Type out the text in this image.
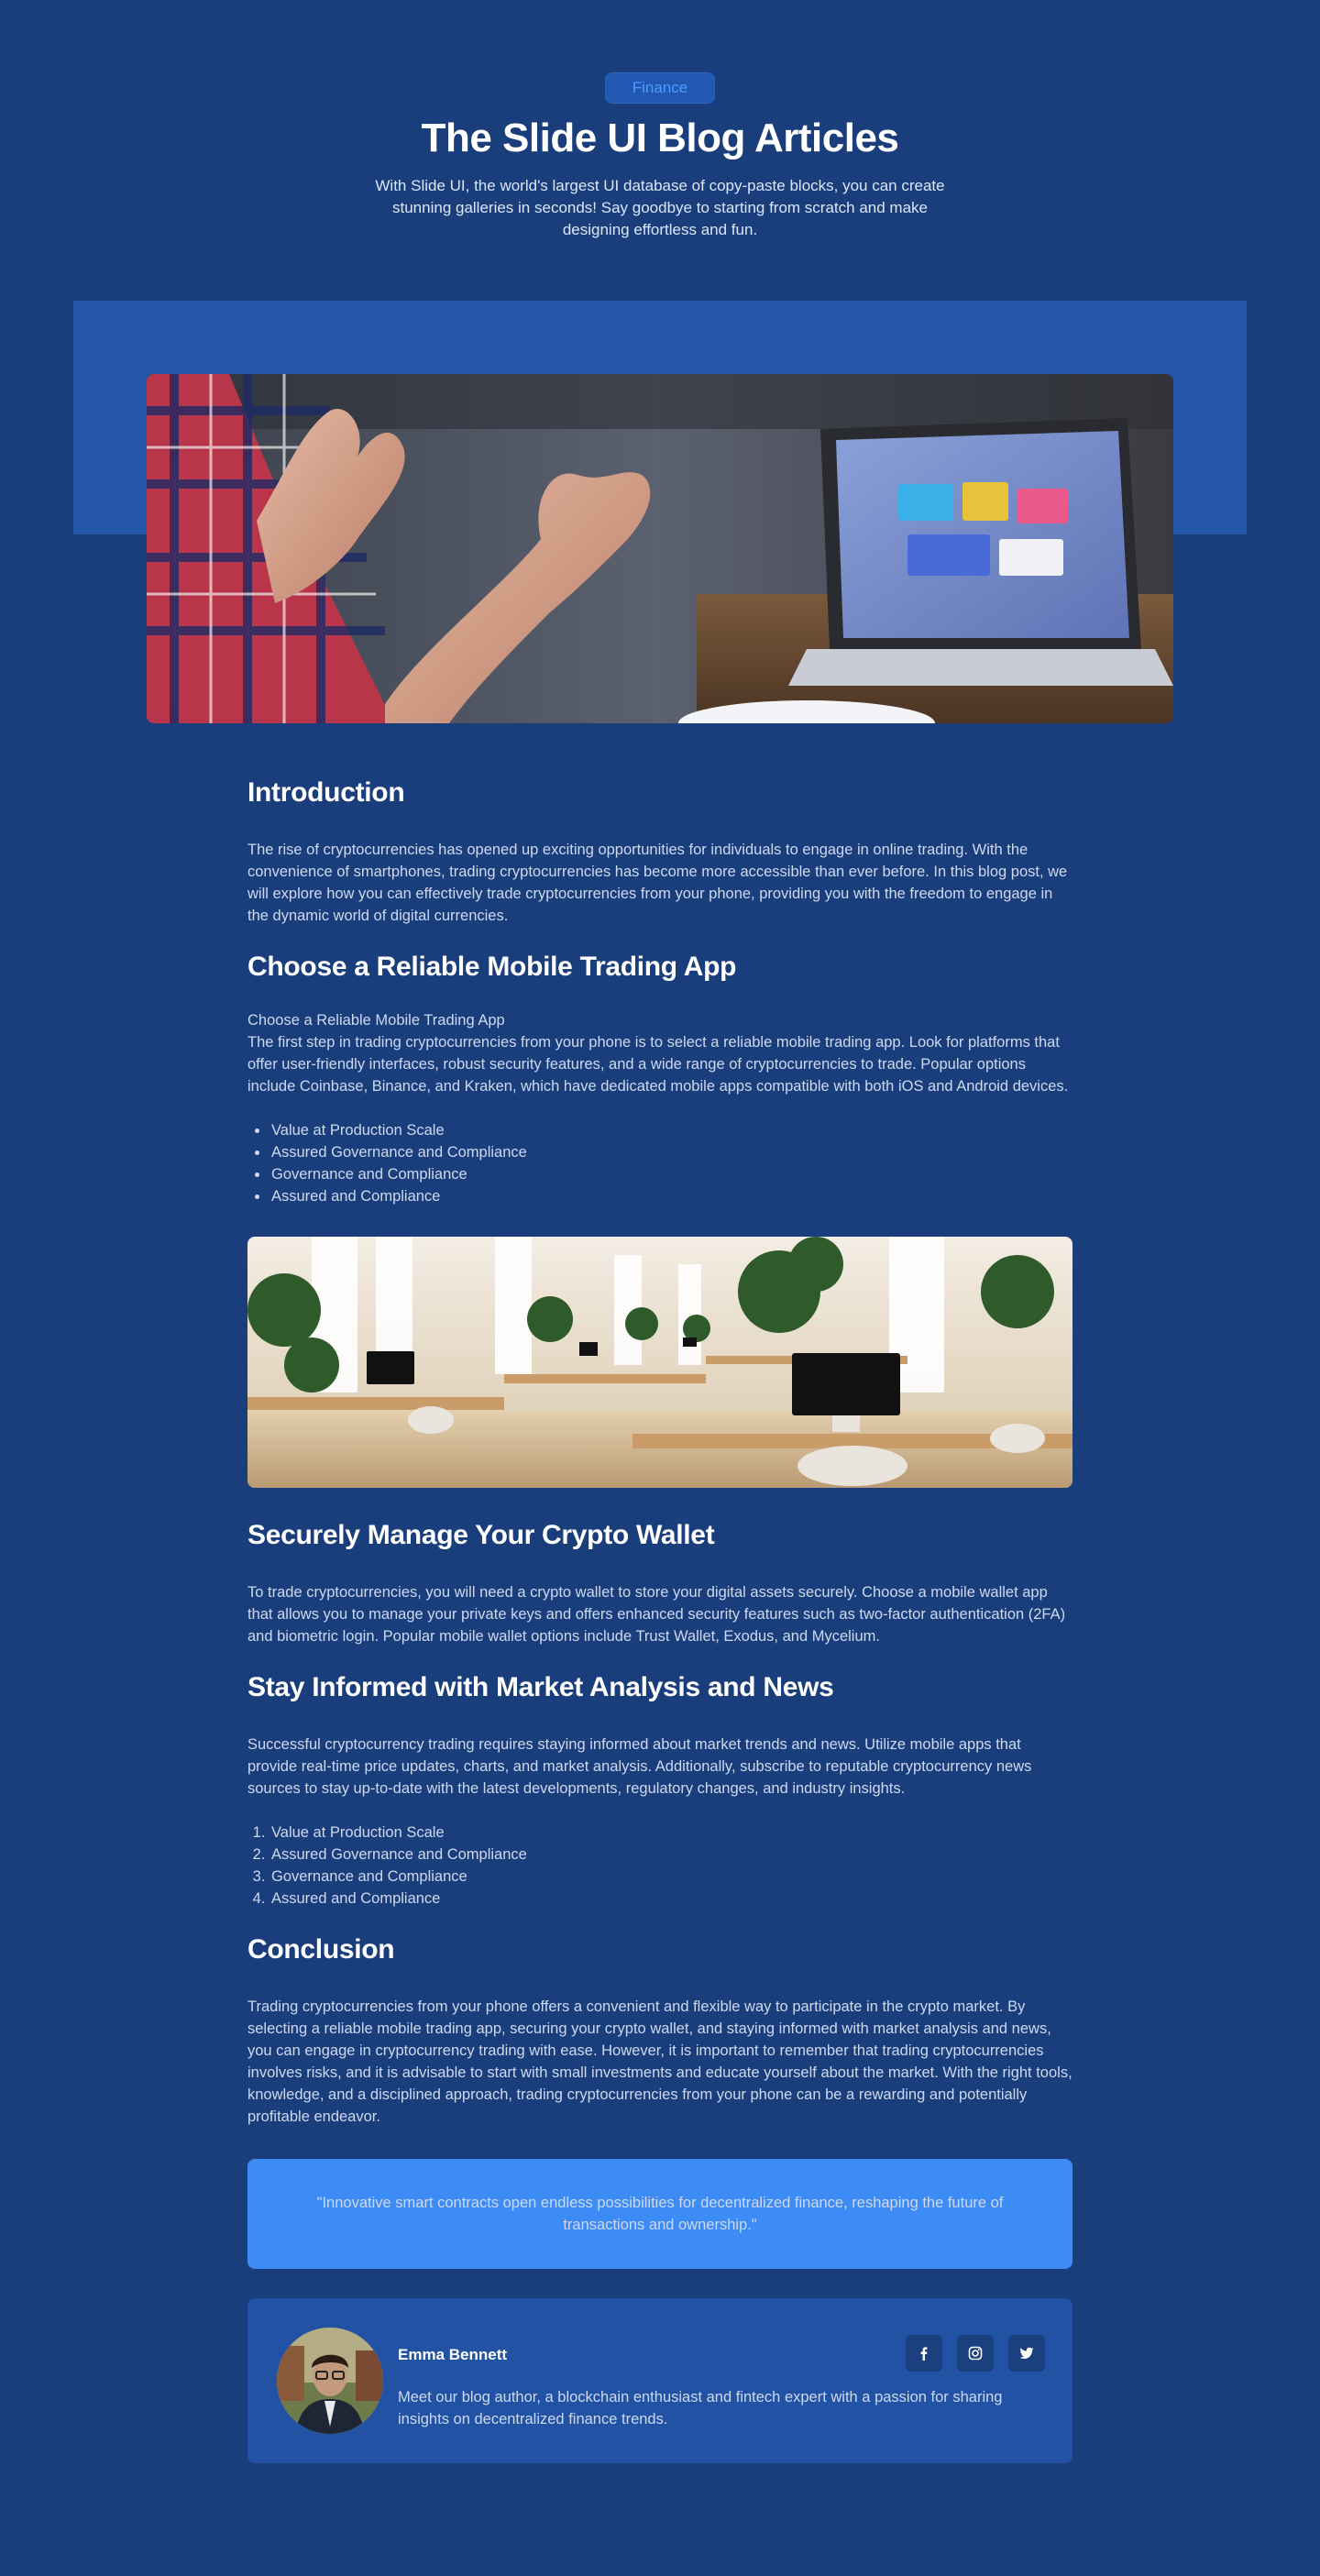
Finance
The Slide UI Blog Articles

With Slide UI, the world's largest UI database of copy-paste blocks, you can create stunning galleries in seconds! Say goodbye to starting from scratch and make designing effortless and fun.

Introduction

The rise of cryptocurrencies has opened up exciting opportunities for individuals to engage in online trading. With the convenience of smartphones, trading cryptocurrencies has become more accessible than ever before. In this blog post, we will explore how you can effectively trade cryptocurrencies from your phone, providing you with the freedom to engage in the dynamic world of digital currencies.

Choose a Reliable Mobile Trading App

Choose a Reliable Mobile Trading App

The first step in trading cryptocurrencies from your phone is to select a reliable mobile trading app. Look for platforms that offer user-friendly interfaces, robust security features, and a wide range of cryptocurrencies to trade. Popular options include Coinbase, Binance, and Kraken, which have dedicated mobile apps compatible with both iOS and Android devices.

• Value at Production Scale
• Assured Governance and Compliance
• Governance and Compliance
• Assured and Compliance
Securely Manage Your Crypto Wallet

To trade cryptocurrencies, you will need a crypto wallet to store your digital assets securely. Choose a mobile wallet app that allows you to manage your private keys and offers enhanced security features such as two-factor authentication (2FA) and biometric login. Popular mobile wallet options include Trust Wallet, Exodus, and Mycelium.

Stay Informed with Market Analysis and News

Successful cryptocurrency trading requires staying informed about market trends and news. Utilize mobile apps that provide real-time price updates, charts, and market analysis. Additionally, subscribe to reputable cryptocurrency news sources to stay up-to-date with the latest developments, regulatory changes, and industry insights.

1. Value at Production Scale
2. Assured Governance and Compliance
3. Governance and Compliance
4. Assured and Compliance
Conclusion

Trading cryptocurrencies from your phone offers a convenient and flexible way to participate in the crypto market. By selecting a reliable mobile trading app, securing your crypto wallet, and staying informed with market analysis and news, you can engage in cryptocurrency trading with ease. However, it is important to remember that trading cryptocurrencies involves risks, and it is advisable to start with small investments and educate yourself about the market. With the right tools, knowledge, and a disciplined approach, trading cryptocurrencies from your phone can be a rewarding and potentially profitable endeavor.

"Innovative smart contracts open endless possibilities for decentralized finance, reshaping the future of transactions and ownership."

Emma Bennett

Meet our blog author, a blockchain enthusiast and fintech expert with a passion for sharing insights on decentralized finance trends.
